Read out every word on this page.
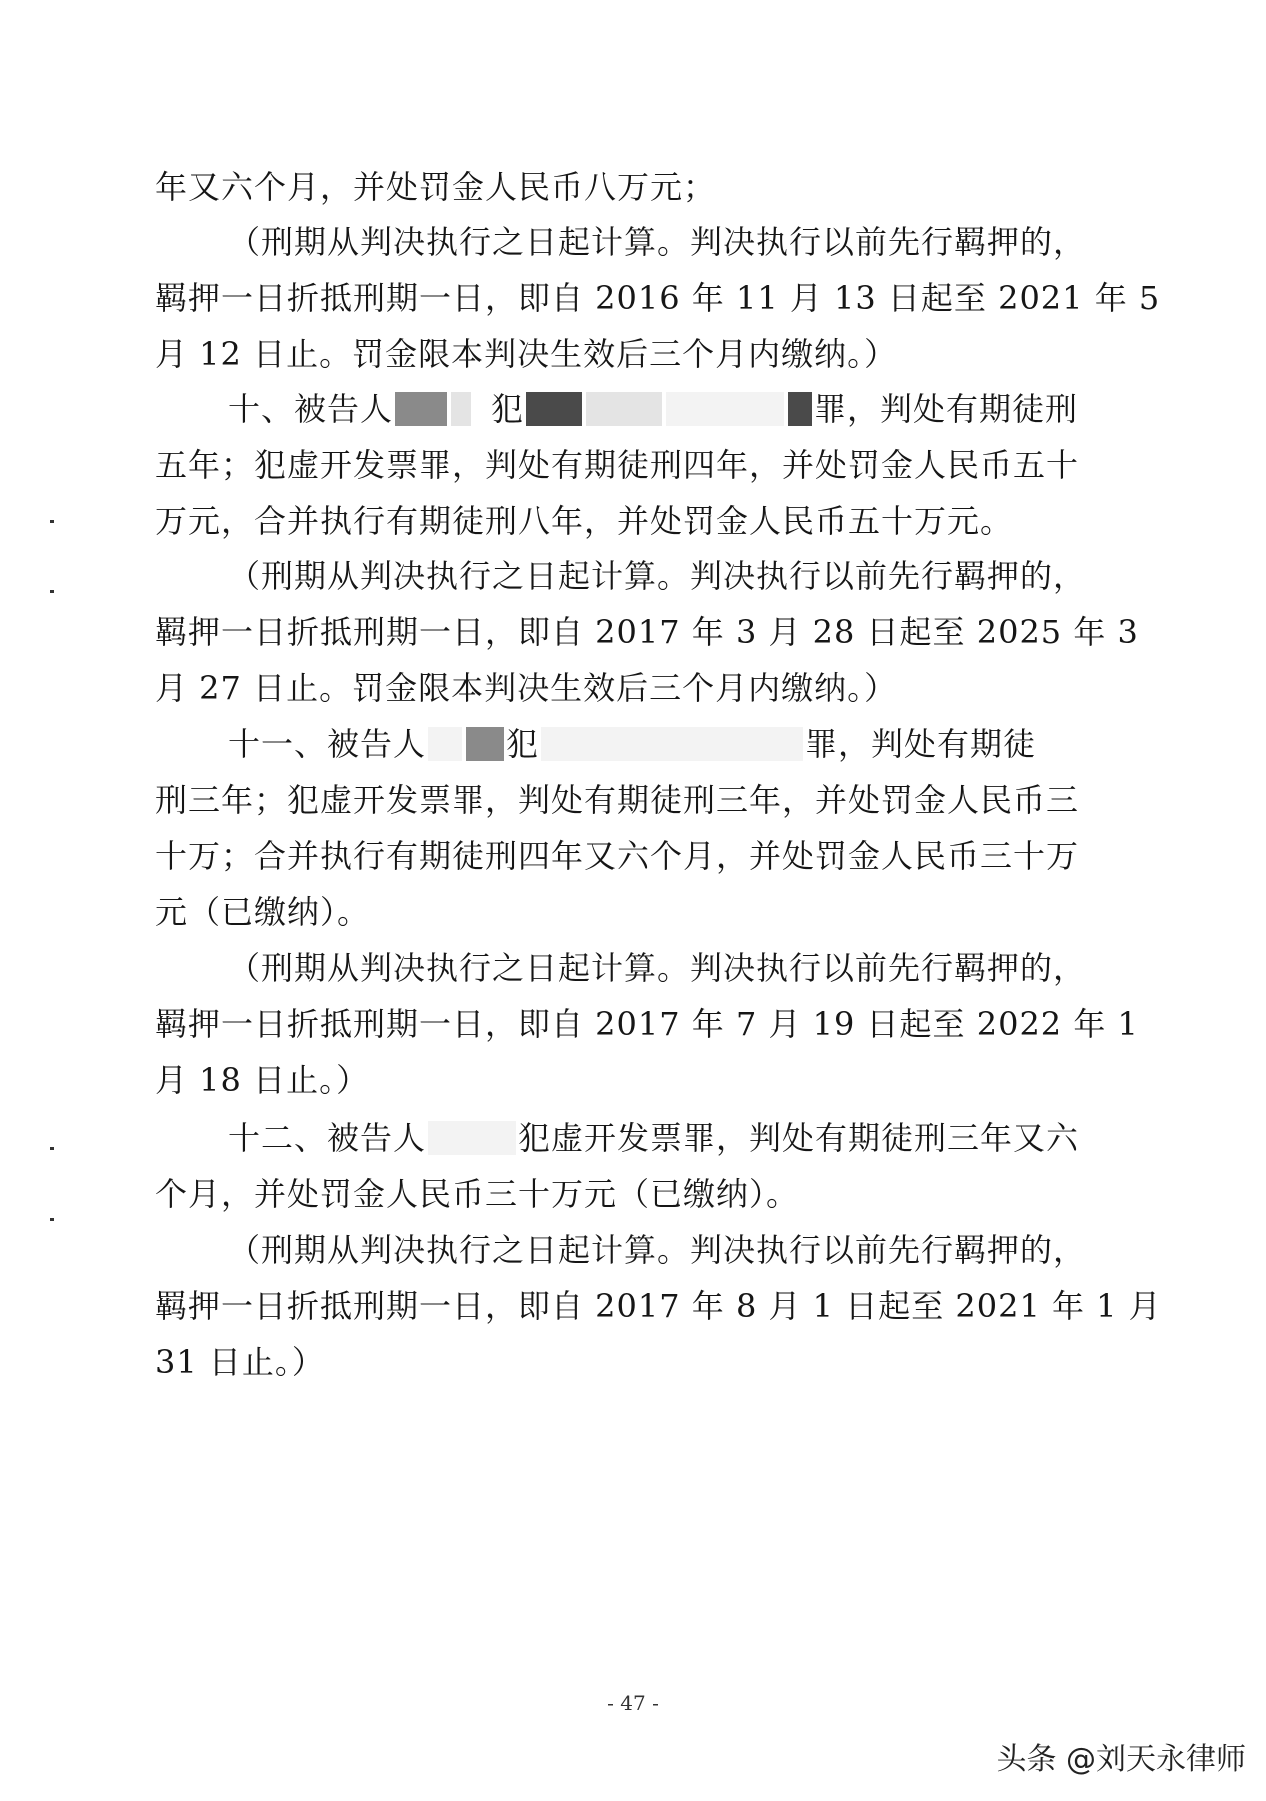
年又六个月，并处罚金人民币八万元；
（刑期从判决执行之日起计算。判决执行以前先行羁押的，
羁押一日折抵刑期一日，即自 2016 年 11 月 13 日起至 2021 年 5
月 12 日止。罚金限本判决生效后三个月内缴纳。）
十、被告人	犯	罪，判处有期徒刑
五年；犯虚开发票罪，判处有期徒刑四年，并处罚金人民币五十
万元，合并执行有期徒刑八年，并处罚金人民币五十万元。
（刑期从判决执行之日起计算。判决执行以前先行羁押的，
羁押一日折抵刑期一日，即自 2017 年 3 月 28 日起至 2025 年 3
月 27 日止。罚金限本判决生效后三个月内缴纳。）
十一、被告人	犯	罪，判处有期徒
刑三年；犯虚开发票罪，判处有期徒刑三年，并处罚金人民币三
十万；合并执行有期徒刑四年又六个月，并处罚金人民币三十万
元（已缴纳）。
（刑期从判决执行之日起计算。判决执行以前先行羁押的，
羁押一日折抵刑期一日，即自 2017 年 7 月 19 日起至 2022 年 1
月 18 日止。）
十二、被告人	犯虚开发票罪，判处有期徒刑三年又六
个月，并处罚金人民币三十万元（已缴纳）。
（刑期从判决执行之日起计算。判决执行以前先行羁押的，
羁押一日折抵刑期一日，即自 2017 年 8 月 1 日起至 2021 年 1 月
31 日止。）
- 47 -
头条 @刘天永律师
